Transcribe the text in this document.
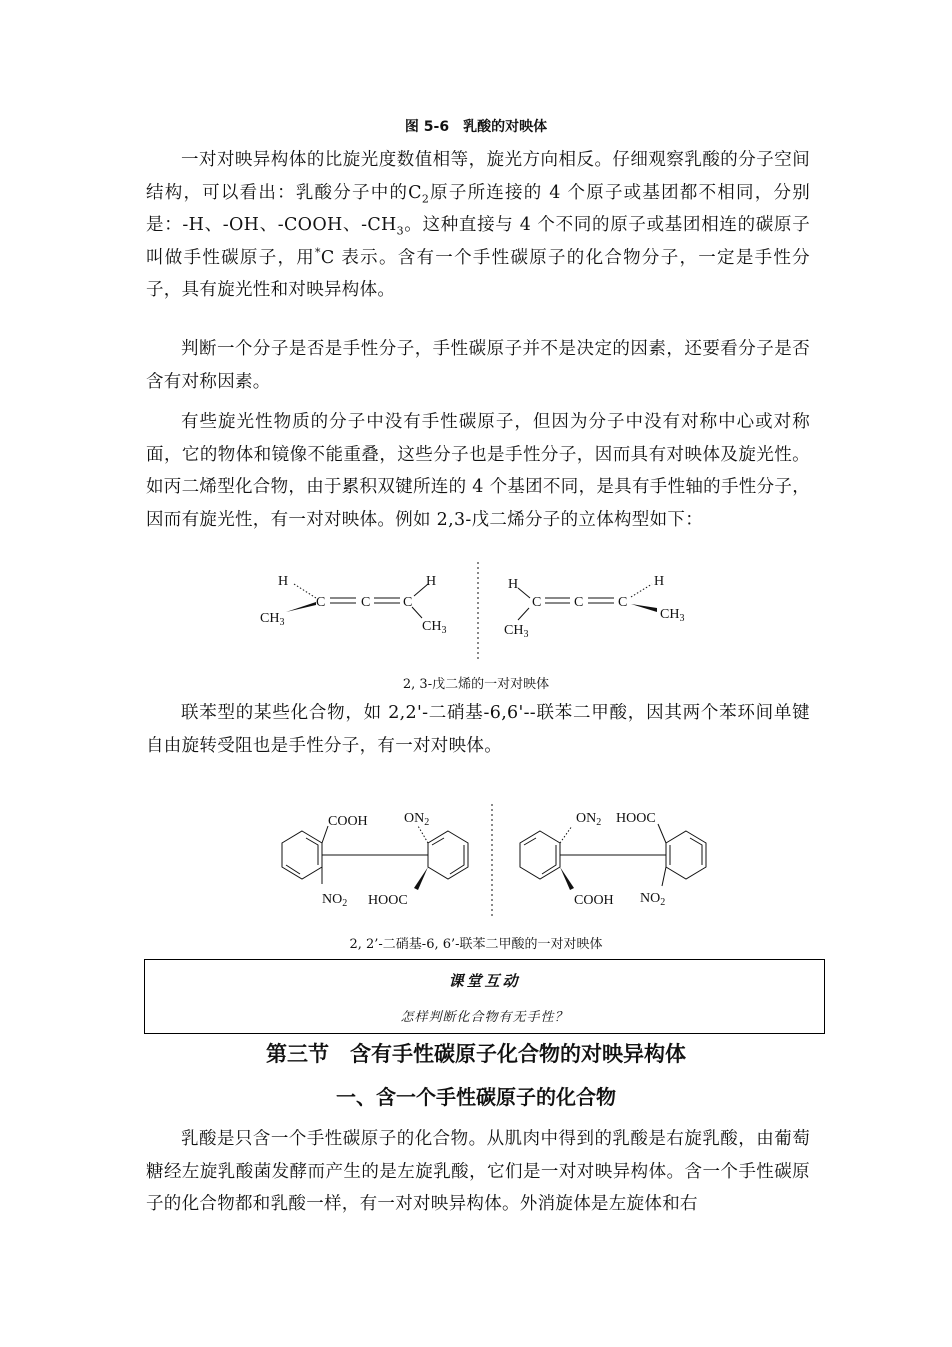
图 5-6　乳酸的对映体

一对对映异构体的比旋光度数值相等，旋光方向相反。仔细观察乳酸的分子空间结构，可以看出：乳酸分子中的$C_2$原子所连接的 4 个原子或基团都不相同，分别是：-H、-OH、-COOH、$-CH_3$。这种直接与 4 个不同的原子或基团相连的碳原子叫做手性碳原子，用*C 表示。含有一个手性碳原子的化合物分子，一定是手性分子，具有旋光性和对映异构体。

判断一个分子是否是手性分子，手性碳原子并不是决定的因素，还要看分子是否含有对称因素。

有些旋光性物质的分子中没有手性碳原子，但因为分子中没有对称中心或对称面，它的物体和镜像不能重叠，这些分子也是手性分子，因而具有对映体及旋光性。如丙二烯型化合物，由于累积双键所连的 4 个基团不同，是具有手性轴的手性分子，因而有旋光性，有一对对映体。例如 2,3-戊二烯分子的立体构型如下：

H
$CH_3$
C	C C
H
$CH_3$
H
C
$CH_3$
C C
H
$CH_3$
2, 3-戊二烯的一对对映体

联苯型的某些化合物，如 2,2'-二硝基-6,6'--联苯二甲酸，因其两个苯环间单键自由旋转受阻也是手性分子，有一对对映体。

COOH
$NO_2$
$ON_2$
HOOC
$ON_2$
COOH
HOOC
$NO_2$
2, 2’-二硝基-6, 6’-联苯二甲酸的一对对映体
课堂互动
怎样判断化合物有无手性？
第三节　含有手性碳原子化合物的对映异构体
一、含一个手性碳原子的化合物

乳酸是只含一个手性碳原子的化合物。从肌肉中得到的乳酸是右旋乳酸，由葡萄糖经左旋乳酸菌发酵而产生的是左旋乳酸，它们是一对对映异构体。含一个手性碳原子的化合物都和乳酸一样，有一对对映异构体。外消旋体是左旋体和右
